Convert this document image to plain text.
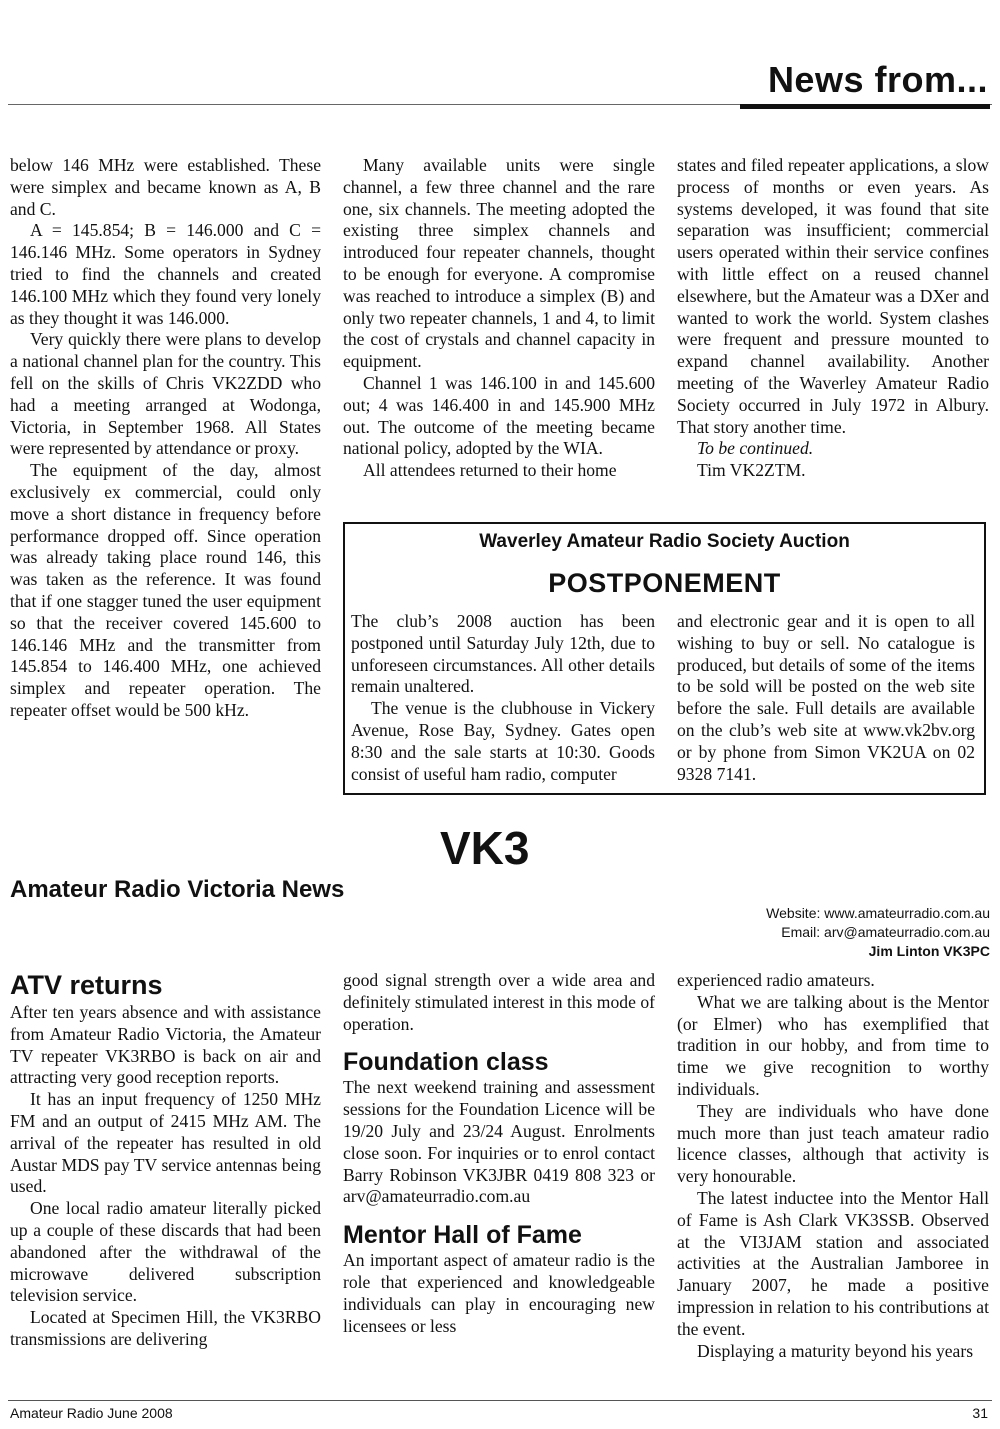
News from...

below 146 MHz were established. These were simplex and became known as A, B and C.

A = 145.854; B = 146.000 and C = 146.146 MHz. Some operators in Sydney tried to find the channels and created 146.100 MHz which they found very lonely as they thought it was 146.000.

Very quickly there were plans to develop a national channel plan for the country. This fell on the skills of Chris VK2ZDD who had a meeting arranged at Wodonga, Victoria, in September 1968. All States were represented by attendance or proxy.

The equipment of the day, almost exclusively ex commercial, could only move a short distance in frequency before performance dropped off. Since operation was already taking place round 146, this was taken as the reference. It was found that if one stagger tuned the user equipment so that the receiver covered 145.600 to 146.146 MHz and the transmitter from 145.854 to 146.400 MHz, one achieved simplex and repeater operation. The repeater offset would be 500 kHz.

Many available units were single channel, a few three channel and the rare one, six channels. The meeting adopted the existing three simplex channels and introduced four repeater channels, thought to be enough for everyone. A compromise was reached to introduce a simplex (B) and only two repeater channels, 1 and 4, to limit the cost of crystals and channel capacity in equipment.

Channel 1 was 146.100 in and 145.600 out; 4 was 146.400 in and 145.900 MHz out. The outcome of the meeting became national policy, adopted by the WIA.

All attendees returned to their home

states and filed repeater applications, a slow process of months or even years. As systems developed, it was found that site separation was insufficient; commercial users operated within their service confines with little effect on a reused channel elsewhere, but the Amateur was a DXer and wanted to work the world. System clashes were frequent and pressure mounted to expand channel availability. Another meeting of the Waverley Amateur Radio Society occurred in July 1972 in Albury. That story another time.

To be continued.

Tim VK2ZTM.

Waverley Amateur Radio Society Auction
POSTPONEMENT

The club’s 2008 auction has been postponed until Saturday July 12th, due to unforeseen circumstances. All other details remain unaltered.

The venue is the clubhouse in Vickery Avenue, Rose Bay, Sydney. Gates open 8:30 and the sale starts at 10:30. Goods consist of useful ham radio, computer

and electronic gear and it is open to all wishing to buy or sell. No catalogue is produced, but details of some of the items to be sold will be posted on the web site before the sale. Full details are available on the club’s web site at www.vk2bv.org or by phone from Simon VK2UA on 02 9328 7141.

VK3
Amateur Radio Victoria News
Website: www.amateurradio.com.au
Email: arv@amateurradio.com.au
Jim Linton VK3PC
ATV returns

After ten years absence and with assistance from Amateur Radio Victoria, the Amateur TV repeater VK3RBO is back on air and attracting very good reception reports.

It has an input frequency of 1250 MHz FM and an output of 2415 MHz AM. The arrival of the repeater has resulted in old Austar MDS pay TV service antennas being used.

One local radio amateur literally picked up a couple of these discards that had been abandoned after the withdrawal of the microwave delivered subscription television service.

Located at Specimen Hill, the VK3RBO transmissions are delivering

good signal strength over a wide area and definitely stimulated interest in this mode of operation.

Foundation class

The next weekend training and assessment sessions for the Foundation Licence will be 19/20 July and 23/24 August. Enrolments close soon. For inquiries or to enrol contact Barry Robinson VK3JBR 0419 808 323 or arv@amateurradio.com.au

Mentor Hall of Fame

An important aspect of amateur radio is the role that experienced and knowledgeable individuals can play in encouraging new licensees or less

experienced radio amateurs.

What we are talking about is the Mentor (or Elmer) who has exemplified that tradition in our hobby, and from time to time we give recognition to worthy individuals.

They are individuals who have done much more than just teach amateur radio licence classes, although that activity is very honourable.

The latest inductee into the Mentor Hall of Fame is Ash Clark VK3SSB. Observed at the VI3JAM station and associated activities at the Australian Jamboree in January 2007, he made a positive impression in relation to his contributions at the event.

Displaying a maturity beyond his years

Amateur Radio June 2008	31
